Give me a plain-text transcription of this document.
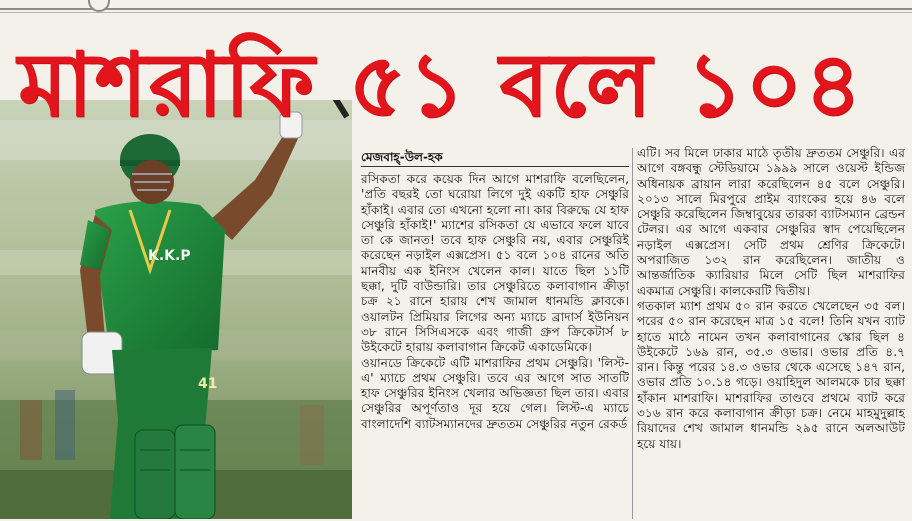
K.K.P
41
মাশরাফি ৫১ বলে ১০৪
মেজবাহ্-উল-হক

রসিকতা করে কয়েক দিন আগে মাশরাফি বলেছিলেন, 'প্রতি বছরই তো ঘরোয়া লিগে দুই একটি হাফ সেঞ্চুরি হাঁকাই। এবার তো এখনো হলো না। কার বিরুদ্ধে যে হাফ সেঞ্চুরি হাঁকাই!' ম্যাশের রসিকতা যে এভাবে ফলে যাবে তা কে জানত! তবে হাফ সেঞ্চুরি নয়, এবার সেঞ্চুরিই করেছেন নড়াইল এক্সপ্রেস। ৫১ বলে ১০৪ রানের অতি মানবীয় এক ইনিংস খেলেন কাল। যাতে ছিল ১১টি ছক্কা, দুটি বাউন্ডারি। তার সেঞ্চুরিতে কলাবাগান ক্রীড়া চক্র ২১ রানে হারায় শেখ জামাল ধানমন্ডি ক্লাবকে। ওয়ালটন প্রিমিয়ার লিগের অন্য ম্যাচে ব্রাদার্স ইউনিয়ন ৩৮ রানে সিসিএসকে এবং গাজী গ্রুপ ক্রিকেটার্স ৮ উইকেটে হারায় কলাবাগান ক্রিকেট একাডেমিকে।

ওয়ানডে ক্রিকেটে এটি মাশরাফির প্রথম সেঞ্চুরি। 'লিস্ট-এ' ম্যাচে প্রথম সেঞ্চুরি। তবে এর আগে সাত সাতটি হাফ সেঞ্চুরির ইনিংস খেলার অভিজ্ঞতা ছিল তার। এবার সেঞ্চুরির অপূর্ণতাও দূর হয়ে গেল। লিস্ট-এ ম্যাচে বাংলাদেশি ব্যাটসম্যানদের দ্রুততম সেঞ্চুরির নতুন রেকর্ড

এটি। সব মিলে ঢাকার মাঠে তৃতীয় দ্রুততম সেঞ্চুরি। এর আগে বঙ্গবন্ধু স্টেডিয়ামে ১৯৯৯ সালে ওয়েস্ট ইন্ডিজ অধিনায়ক ব্রায়ান লারা করেছিলেন ৪৫ বলে সেঞ্চুরি। ২০১৩ সালে মিরপুরে প্রাইম ব্যাংকের হয়ে ৪৬ বলে সেঞ্চুরি করেছিলেন জিম্বাবুয়ের তারকা ব্যাটসম্যান ব্রেন্ডন টেলর। এর আগে একবার সেঞ্চুরির স্বাদ পেয়েছিলেন নড়াইল এক্সপ্রেস। সেটি প্রথম শ্রেণির ক্রিকেটে। অপরাজিত ১৩২ রান করেছিলেন। জাতীয় ও আন্তর্জাতিক ক্যারিয়ার মিলে সেটি ছিল মাশরাফির একমাত্র সেঞ্চুরি। কালকেরটি দ্বিতীয়।

গতকাল ম্যাশ প্রথম ৫০ রান করতে খেলেছেন ৩৫ বল। পরের ৫০ রান করেছেন মাত্র ১৫ বলে! তিনি যখন ব্যাট হাতে মাঠে নামেন তখন কলাবাগানের স্কোর ছিল ৪ উইকেটে ১৬৯ রান, ৩৫.৩ ওভার। ওভার প্রতি ৪.৭ রান। কিন্তু পরের ১৪.৩ ওভার থেকে এসেছে ১৪৭ রান, ওভার প্রতি ১০.১৪ গড়ে। ওয়াহিদুল আলমকে চার ছক্কা হাঁকান মাশরাফি। মাশরাফির তাণ্ডবে প্রথমে ব্যাট করে ৩১৬ রান করে কলাবাগান ক্রীড়া চক্র। নেমে মাহমুদুল্লাহ রিয়াদের শেখ জামাল ধানমন্ডি ২৯৫ রানে অলআউট হয়ে যায়।
